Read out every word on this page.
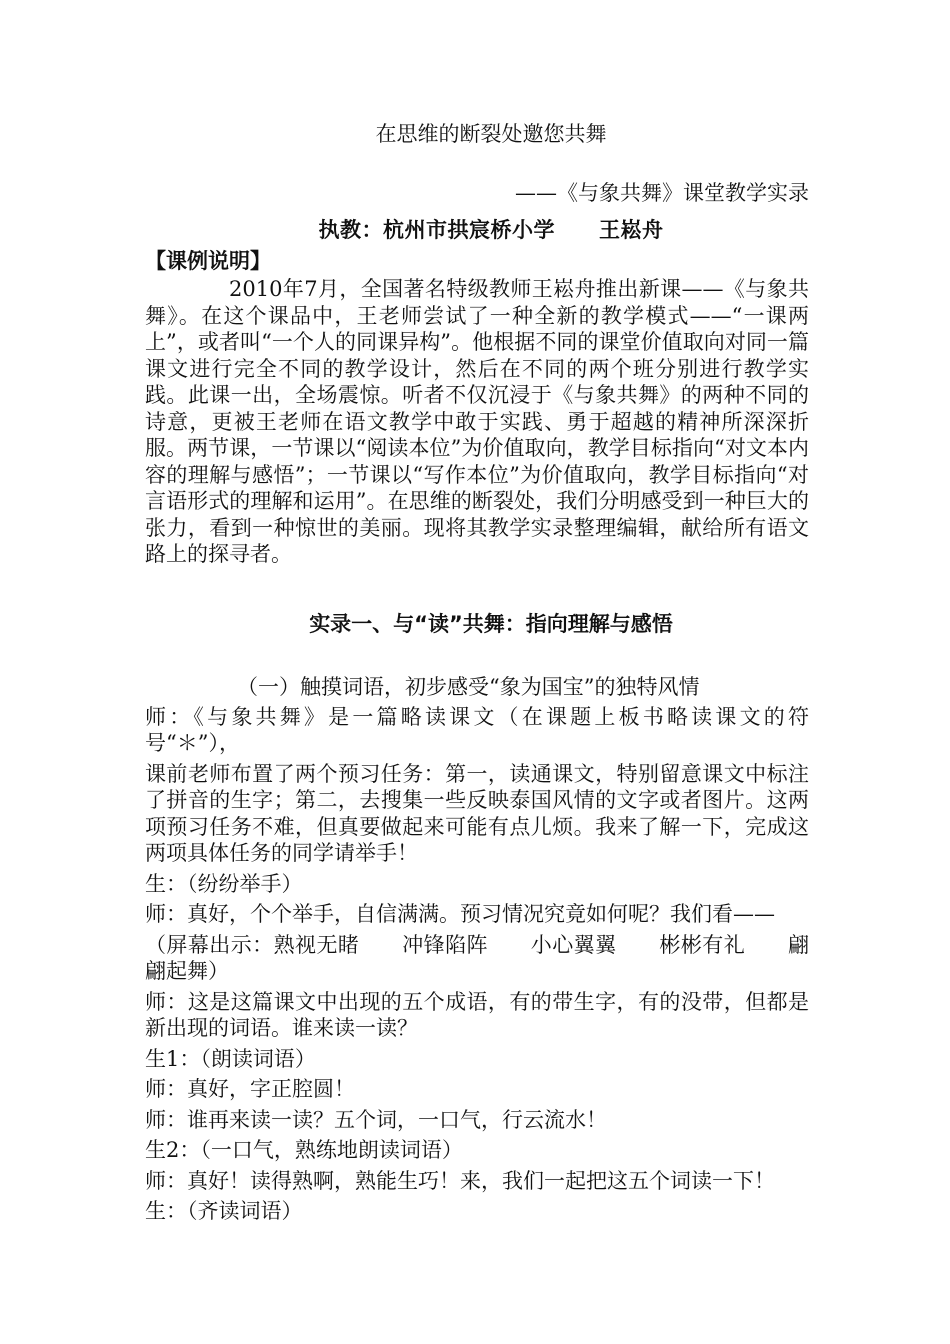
在思维的断裂处邀您共舞

——《与象共舞》课堂教学实录

执教：杭州市拱宸桥小学 王崧舟

【课例说明】

2010年7月，全国著名特级教师王崧舟推出新课——《与象共舞》。在这个课品中，王老师尝试了一种全新的教学模式——“一课两上”，或者叫“一个人的同课异构”。他根据不同的课堂价值取向对同一篇课文进行完全不同的教学设计，然后在不同的两个班分别进行教学实践。此课一出，全场震惊。听者不仅沉浸于《与象共舞》的两种不同的诗意，更被王老师在语文教学中敢于实践、勇于超越的精神所深深折服。两节课，一节课以“阅读本位”为价值取向，教学目标指向“对文本内容的理解与感悟”；一节课以“写作本位”为价值取向，教学目标指向“对言语形式的理解和运用”。在思维的断裂处，我们分明感受到一种巨大的张力，看到一种惊世的美丽。现将其教学实录整理编辑，献给所有语文路上的探寻者。

实录一、与“读”共舞：指向理解与感悟

（一）触摸词语，初步感受“象为国宝”的独特风情

师：《与象共舞》是一篇略读课文（在课题上板书略读课文的符号“＊”），

课前老师布置了两个预习任务：第一，读通课文，特别留意课文中标注了拼音的生字；第二，去搜集一些反映泰国风情的文字或者图片。这两项预习任务不难，但真要做起来可能有点儿烦。我来了解一下，完成这两项具体任务的同学请举手！

生：（纷纷举手）

师：真好，个个举手，自信满满。预习情况究竟如何呢？我们看——

（屏幕出示：熟视无睹　　冲锋陷阵　　小心翼翼　　彬彬有礼　　翩翩起舞）

师：这是这篇课文中出现的五个成语，有的带生字，有的没带，但都是新出现的词语。谁来读一读？

生1：（朗读词语）

师：真好，字正腔圆！

师：谁再来读一读？五个词，一口气，行云流水！

生2：（一口气，熟练地朗读词语）

师：真好！读得熟啊，熟能生巧！来，我们一起把这五个词读一下！

生：（齐读词语）
